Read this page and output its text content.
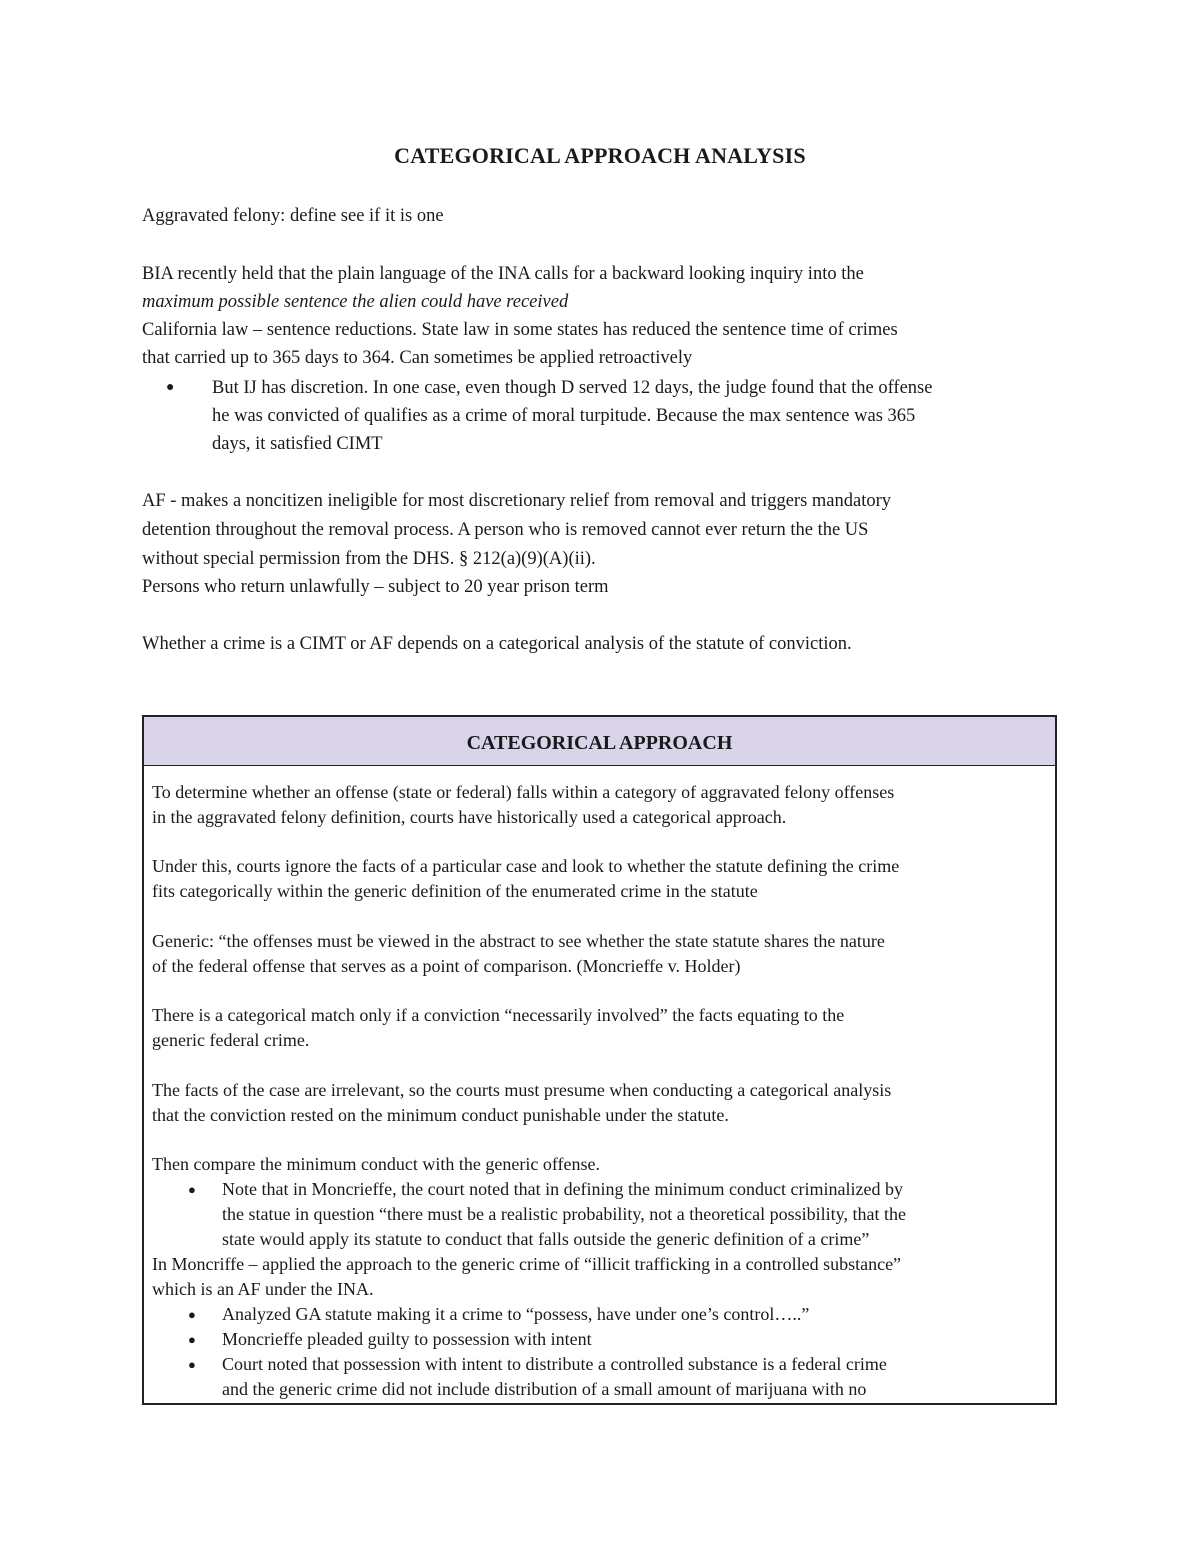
CATEGORICAL APPROACH ANALYSIS
Aggravated felony: define see if it is one
BIA recently held that the plain language of the INA calls for a backward looking inquiry into the
maximum possible sentence the alien could have received
California law – sentence reductions. State law in some states has reduced the sentence time of crimes
that carried up to 365 days to 364. Can sometimes be applied retroactively
● But IJ has discretion. In one case, even though D served 12 days, the judge found that the offense
he was convicted of qualifies as a crime of moral turpitude. Because the max sentence was 365
days, it satisfied CIMT
AF - makes a noncitizen ineligible for most discretionary relief from removal and triggers mandatory
detention throughout the removal process. A person who is removed cannot ever return the the US
without special permission from the DHS. § 212(a)(9)(A)(ii).
Persons who return unlawfully – subject to 20 year prison term
Whether a crime is a CIMT or AF depends on a categorical analysis of the statute of conviction.
CATEGORICAL APPROACH
To determine whether an offense (state or federal) falls within a category of aggravated felony offenses
in the aggravated felony definition, courts have historically used a categorical approach.
Under this, courts ignore the facts of a particular case and look to whether the statute defining the crime
fits categorically within the generic definition of the enumerated crime in the statute
Generic: “the offenses must be viewed in the abstract to see whether the state statute shares the nature
of the federal offense that serves as a point of comparison. (Moncrieffe v. Holder)
There is a categorical match only if a conviction “necessarily involved” the facts equating to the
generic federal crime.
The facts of the case are irrelevant, so the courts must presume when conducting a categorical analysis
that the conviction rested on the minimum conduct punishable under the statute.
Then compare the minimum conduct with the generic offense.
● Note that in Moncrieffe, the court noted that in defining the minimum conduct criminalized by
the statue in question “there must be a realistic probability, not a theoretical possibility, that the
state would apply its statute to conduct that falls outside the generic definition of a crime”
In Moncriffe – applied the approach to the generic crime of “illicit trafficking in a controlled substance”
which is an AF under the INA.
● Analyzed GA statute making it a crime to “possess, have under one’s control…..”
● Moncrieffe pleaded guilty to possession with intent
● Court noted that possession with intent to distribute a controlled substance is a federal crime
and the generic crime did not include distribution of a small amount of marijuana with no
